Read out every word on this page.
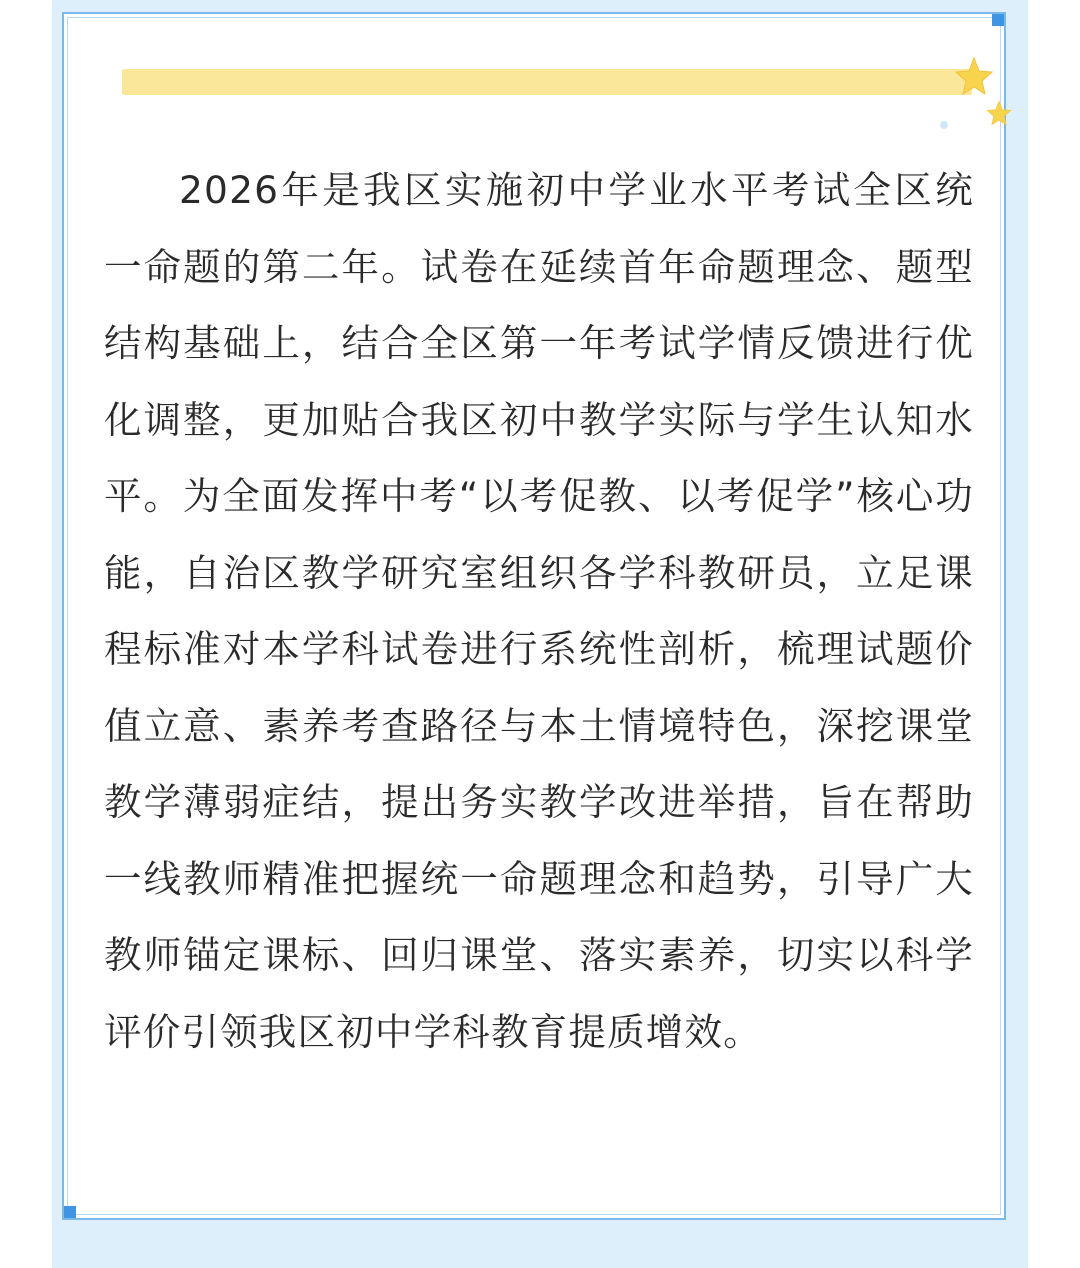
2026年是我区实施初中学业水平考试全区统一命题的第二年。试卷在延续首年命题理念、题型结构基础上，结合全区第一年考试学情反馈进行优化调整，更加贴合我区初中教学实际与学生认知水平。为全面发挥中考“以考促教、以考促学”核心功能，自治区教学研究室组织各学科教研员，立足课程标准对本学科试卷进行系统性剖析，梳理试题价值立意、素养考查路径与本土情境特色，深挖课堂教学薄弱症结，提出务实教学改进举措，旨在帮助一线教师精准把握统一命题理念和趋势，引导广大教师锚定课标、回归课堂、落实素养，切实以科学评价引领我区初中学科教育提质增效。
